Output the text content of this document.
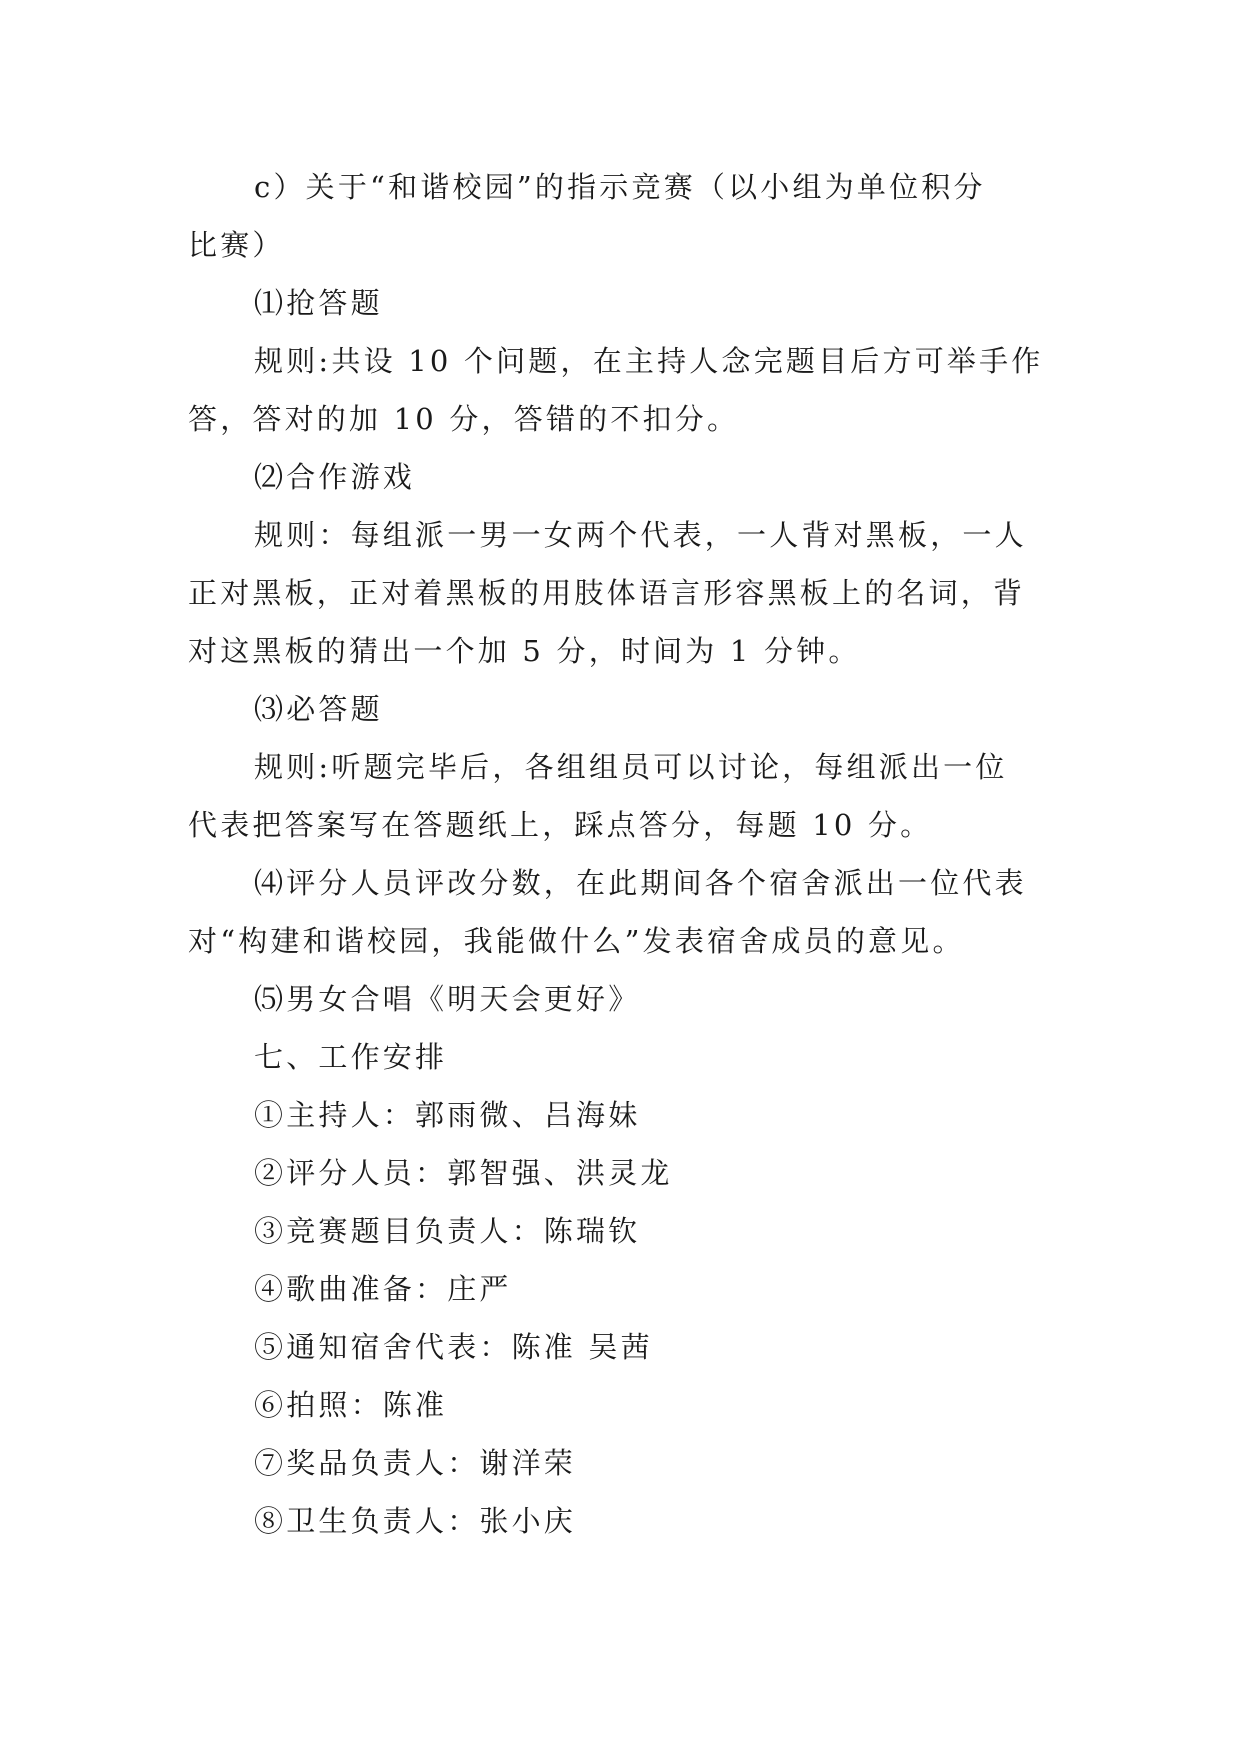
c）关于“和谐校园”的指示竞赛（以小组为单位积分
比赛）

⑴抢答题

规则:共设 10 个问题，在主持人念完题目后方可举手作
答，答对的加 10 分，答错的不扣分。

⑵合作游戏

规则：每组派一男一女两个代表，一人背对黑板，一人
正对黑板，正对着黑板的用肢体语言形容黑板上的名词，背
对这黑板的猜出一个加 5 分，时间为 1 分钟。

⑶必答题

规则:听题完毕后，各组组员可以讨论，每组派出一位
代表把答案写在答题纸上，踩点答分，每题 10 分。

⑷评分人员评改分数，在此期间各个宿舍派出一位代表
对“构建和谐校园，我能做什么”发表宿舍成员的意见。

⑸男女合唱《明天会更好》

七、工作安排

①主持人：郭雨微、吕海妹

②评分人员：郭智强、洪灵龙

③竞赛题目负责人：陈瑞钦

④歌曲准备：庄严

⑤通知宿舍代表：陈准 吴茜

⑥拍照：陈准

⑦奖品负责人：谢洋荣

⑧卫生负责人：张小庆
